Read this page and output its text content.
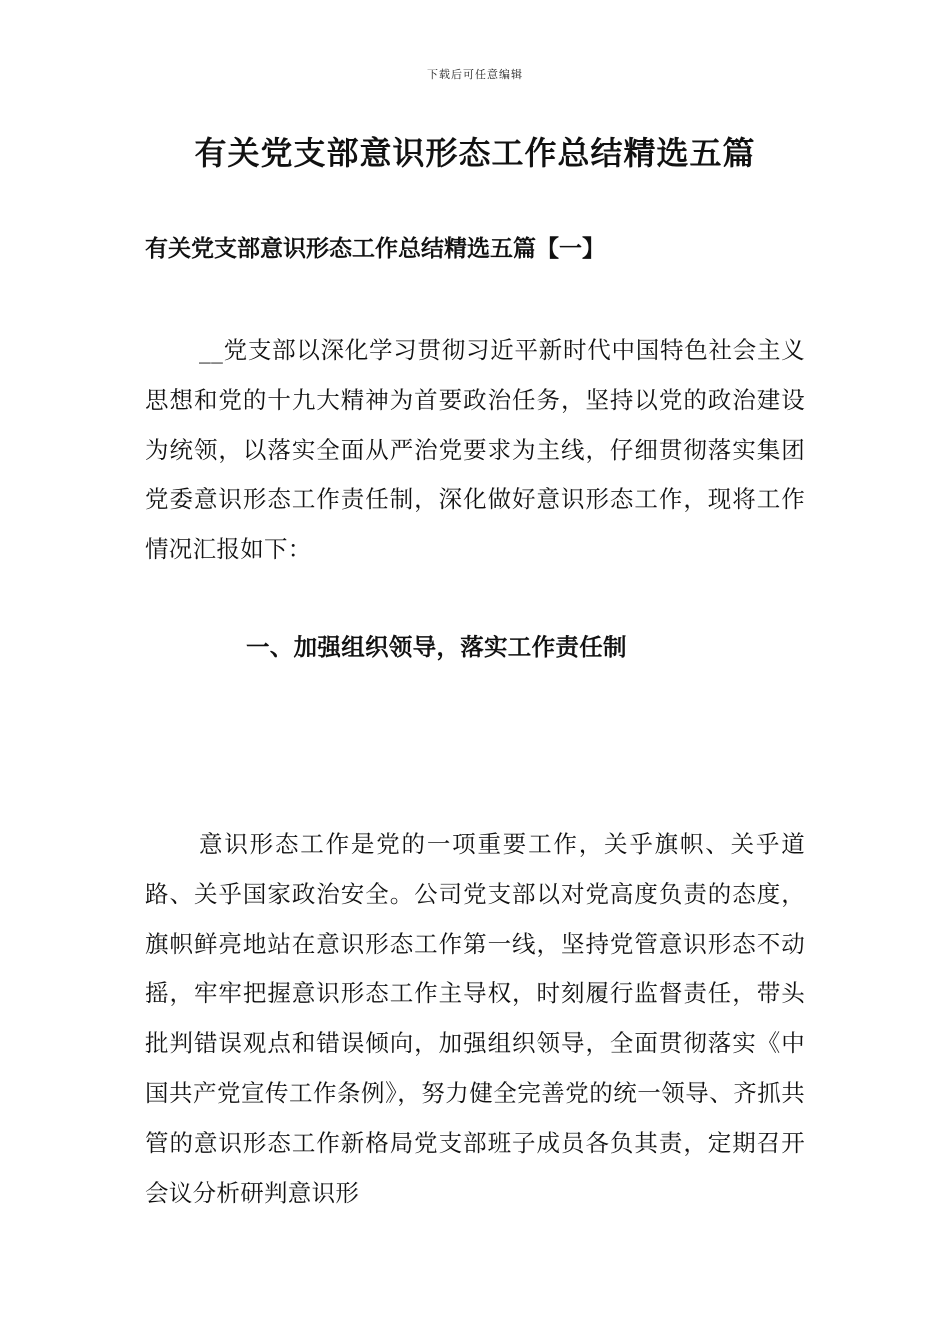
下载后可任意编辑
有关党支部意识形态工作总结精选五篇
有关党支部意识形态工作总结精选五篇【一】

__党支部以深化学习贯彻习近平新时代中国特色社会主义思想和党的十九大精神为首要政治任务，坚持以党的政治建设为统领，以落实全面从严治党要求为主线，仔细贯彻落实集团党委意识形态工作责任制，深化做好意识形态工作，现将工作情况汇报如下：

一、加强组织领导，落实工作责任制

意识形态工作是党的一项重要工作，关乎旗帜、关乎道路、关乎国家政治安全。公司党支部以对党高度负责的态度，旗帜鲜亮地站在意识形态工作第一线，坚持党管意识形态不动摇，牢牢把握意识形态工作主导权，时刻履行监督责任，带头批判错误观点和错误倾向，加强组织领导，全面贯彻落实《中国共产党宣传工作条例》，努力健全完善党的统一领导、齐抓共管的意识形态工作新格局党支部班子成员各负其责，定期召开会议分析研判意识形
